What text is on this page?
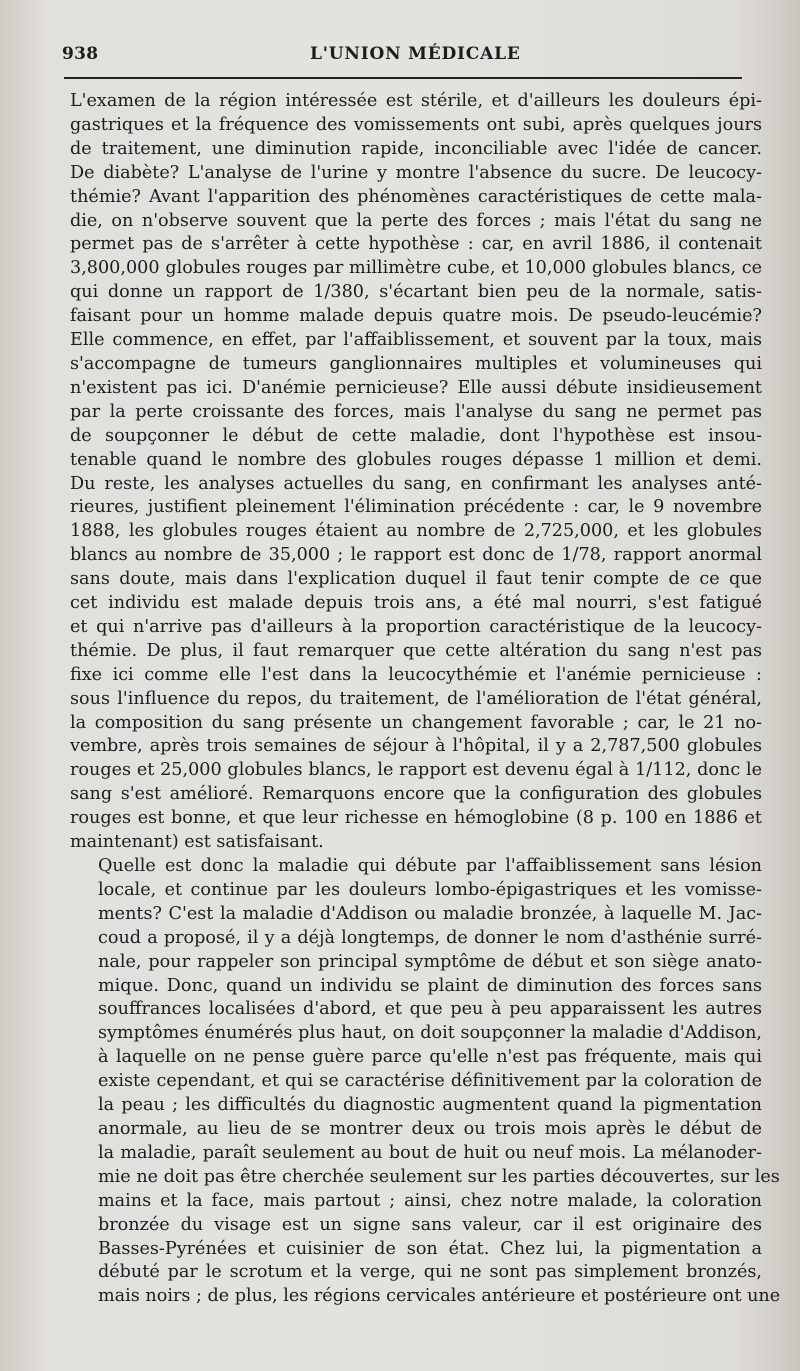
938	L'UNION MÉDICALE
L'examen de la région intéressée est stérile, et d'ailleurs les douleurs épi-
gastriques et la fréquence des vomissements ont subi, après quelques jours
de traitement, une diminution rapide, inconciliable avec l'idée de cancer.
De diabète? L'analyse de l'urine y montre l'absence du sucre. De leucocy-
thémie? Avant l'apparition des phénomènes caractéristiques de cette mala-
die, on n'observe souvent que la perte des forces ; mais l'état du sang ne
permet pas de s'arrêter à cette hypothèse : car, en avril 1886, il contenait
3,800,000 globules rouges par millimètre cube, et 10,000 globules blancs, ce
qui donne un rapport de 1/380, s'écartant bien peu de la normale, satis-
faisant pour un homme malade depuis quatre mois. De pseudo-leucémie?
Elle commence, en effet, par l'affaiblissement, et souvent par la toux, mais
s'accompagne de tumeurs ganglionnaires multiples et volumineuses qui
n'existent pas ici. D'anémie pernicieuse? Elle aussi débute insidieusement
par la perte croissante des forces, mais l'analyse du sang ne permet pas
de soupçonner le début de cette maladie, dont l'hypothèse est insou-
tenable quand le nombre des globules rouges dépasse 1 million et demi.
Du reste, les analyses actuelles du sang, en confirmant les analyses anté-
rieures, justifient pleinement l'élimination précédente : car, le 9 novembre
1888, les globules rouges étaient au nombre de 2,725,000, et les globules
blancs au nombre de 35,000 ; le rapport est donc de 1/78, rapport anormal
sans doute, mais dans l'explication duquel il faut tenir compte de ce que
cet individu est malade depuis trois ans, a été mal nourri, s'est fatigué
et qui n'arrive pas d'ailleurs à la proportion caractéristique de la leucocy-
thémie. De plus, il faut remarquer que cette altération du sang n'est pas
fixe ici comme elle l'est dans la leucocythémie et l'anémie pernicieuse :
sous l'influence du repos, du traitement, de l'amélioration de l'état général,
la composition du sang présente un changement favorable ; car, le 21 no-
vembre, après trois semaines de séjour à l'hôpital, il y a 2,787,500 globules
rouges et 25,000 globules blancs, le rapport est devenu égal à 1/112, donc le
sang s'est amélioré. Remarquons encore que la configuration des globules
rouges est bonne, et que leur richesse en hémoglobine (8 p. 100 en 1886 et
maintenant) est satisfaisant.
Quelle est donc la maladie qui débute par l'affaiblissement sans lésion
locale, et continue par les douleurs lombo-épigastriques et les vomisse-
ments? C'est la maladie d'Addison ou maladie bronzée, à laquelle M. Jac-
coud a proposé, il y a déjà longtemps, de donner le nom d'asthénie surré-
nale, pour rappeler son principal symptôme de début et son siège anato-
mique. Donc, quand un individu se plaint de diminution des forces sans
souffrances localisées d'abord, et que peu à peu apparaissent les autres
symptômes énumérés plus haut, on doit soupçonner la maladie d'Addison,
à laquelle on ne pense guère parce qu'elle n'est pas fréquente, mais qui
existe cependant, et qui se caractérise définitivement par la coloration de
la peau ; les difficultés du diagnostic augmentent quand la pigmentation
anormale, au lieu de se montrer deux ou trois mois après le début de
la maladie, paraît seulement au bout de huit ou neuf mois. La mélanoder-
mie ne doit pas être cherchée seulement sur les parties découvertes, sur les
mains et la face, mais partout ; ainsi, chez notre malade, la coloration
bronzée du visage est un signe sans valeur, car il est originaire des
Basses-Pyrénées et cuisinier de son état. Chez lui, la pigmentation a
débuté par le scrotum et la verge, qui ne sont pas simplement bronzés,
mais noirs ; de plus, les régions cervicales antérieure et postérieure ont une
